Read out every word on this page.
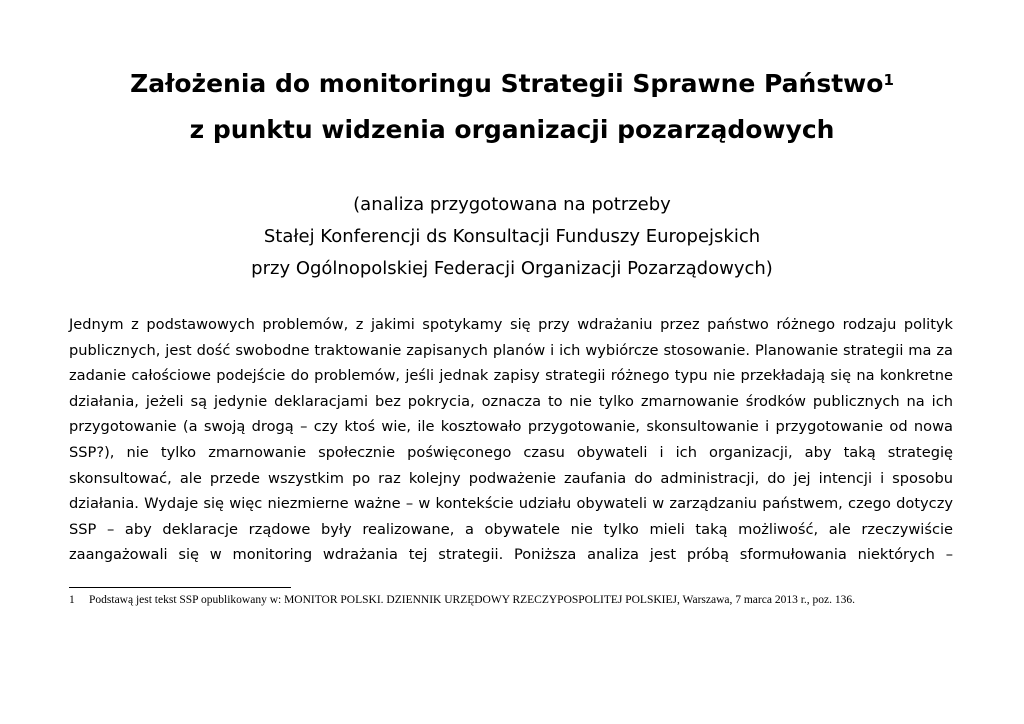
Założenia do monitoringu Strategii Sprawne Państwo$^1$
z punktu widzenia organizacji pozarządowych
(analiza przygotowana na potrzeby
Stałej Konferencji ds Konsultacji Funduszy Europejskich
przy Ogólnopolskiej Federacji Organizacji Pozarządowych)
Jednym z podstawowych problemów, z jakimi spotykamy się przy wdrażaniu przez państwo różnego rodzaju polityk
publicznych, jest dość swobodne traktowanie zapisanych planów i ich wybiórcze stosowanie. Planowanie strategii ma za
zadanie całościowe podejście do problemów, jeśli jednak zapisy strategii różnego typu nie przekładają się na konkretne
działania, jeżeli są jedynie deklaracjami bez pokrycia, oznacza to nie tylko zmarnowanie środków publicznych na ich
przygotowanie (a swoją drogą – czy ktoś wie, ile kosztowało przygotowanie, skonsultowanie i przygotowanie od nowa
SSP?), nie tylko zmarnowanie społecznie poświęconego czasu obywateli i ich organizacji, aby taką strategię
skonsultować, ale przede wszystkim po raz kolejny podważenie zaufania do administracji, do jej intencji i sposobu
działania. Wydaje się więc niezmierne ważne – w kontekście udziału obywateli w zarządzaniu państwem, czego dotyczy
SSP – aby deklaracje rządowe były realizowane, a obywatele nie tylko mieli taką możliwość, ale rzeczywiście
zaangażowali się w monitoring wdrażania tej strategii. Poniższa analiza jest próbą sformułowania niektórych –
1 Podstawą jest tekst SSP opublikowany w: MONITOR POLSKI. DZIENNIK URZĘDOWY RZECZYPOSPOLITEJ POLSKIEJ, Warszawa, 7 marca 2013 r., poz. 136.
